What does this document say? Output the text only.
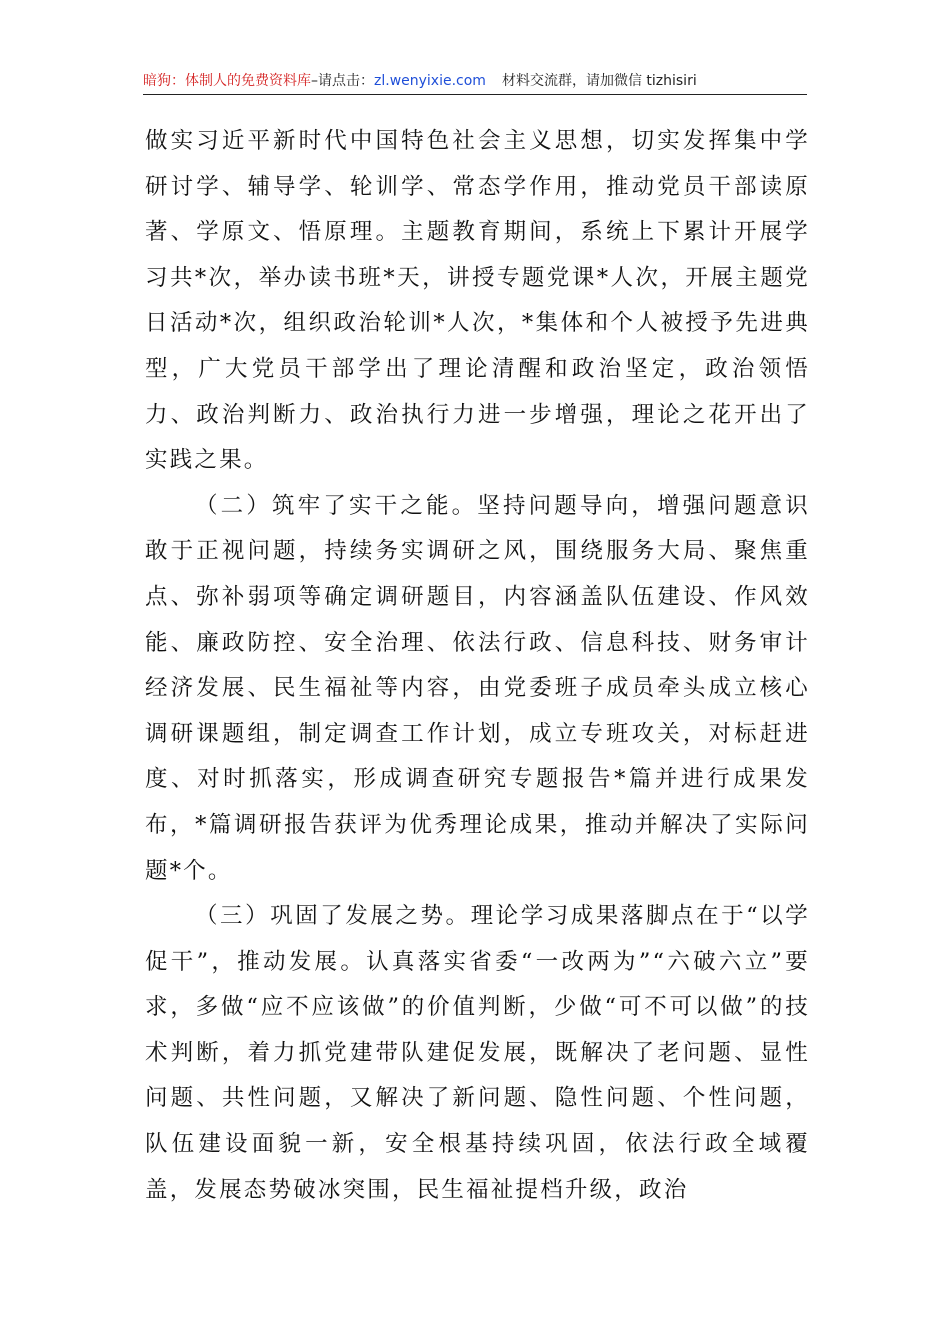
暗狗：体制人的免费资料库 –请点击： zl.wenyixie.com 材料交流群，请加微信 tizhisiri

做实习近平新时代中国特色社会主义思想，切实发挥集中学研讨学、辅导学、轮训学、常态学作用，推动党员干部读原著、学原文、悟原理。主题教育期间，系统上下累计开展学习共*次，举办读书班*天，讲授专题党课*人次，开展主题党日活动*次，组织政治轮训*人次，*集体和个人被授予先进典型，广大党员干部学出了理论清醒和政治坚定，政治领悟力、政治判断力、政治执行力进一步增强，理论之花开出了实践之果。

（二）筑牢了实干之能。坚持问题导向，增强问题意识敢于正视问题，持续务实调研之风，围绕服务大局、聚焦重点、弥补弱项等确定调研题目，内容涵盖队伍建设、作风效能、廉政防控、安全治理、依法行政、信息科技、财务审计经济发展、民生福祉等内容，由党委班子成员牵头成立核心调研课题组，制定调查工作计划，成立专班攻关，对标赶进度、对时抓落实，形成调查研究专题报告*篇并进行成果发布，*篇调研报告获评为优秀理论成果，推动并解决了实际问题*个。

（三）巩固了发展之势。理论学习成果落脚点在于“以学促干”，推动发展。认真落实省委“一改两为”“六破六立”要求，多做“应不应该做”的价值判断，少做“可不可以做”的技术判断，着力抓党建带队建促发展，既解决了老问题、显性问题、共性问题，又解决了新问题、隐性问题、个性问题，队伍建设面貌一新，安全根基持续巩固，依法行政全域覆盖，发展态势破冰突围，民生福祉提档升级，政治
